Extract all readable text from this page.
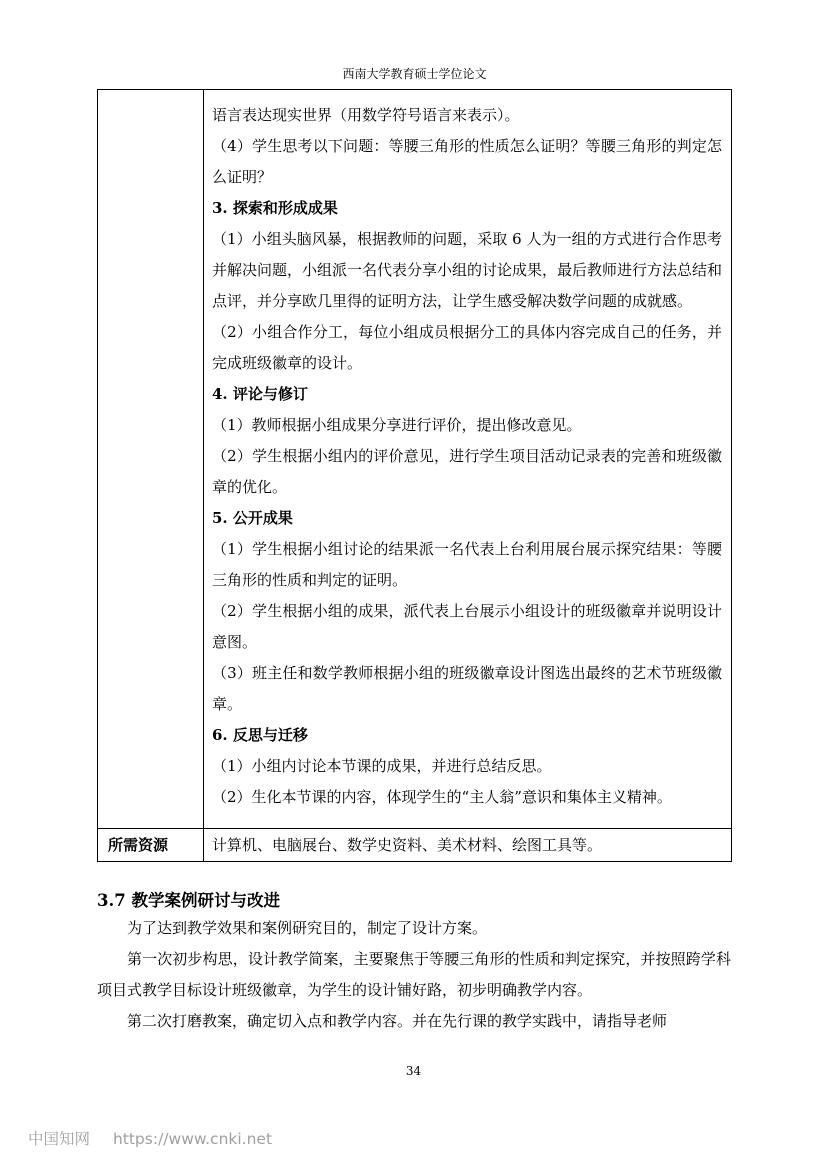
西南大学教育硕士学位论文

语言表达现实世界（用数学符号语言来表示）。

（4）学生思考以下问题：等腰三角形的性质怎么证明？等腰三角形的判定怎么证明？

3. 探索和形成成果

（1）小组头脑风暴，根据教师的问题，采取 6 人为一组的方式进行合作思考并解决问题，小组派一名代表分享小组的讨论成果，最后教师进行方法总结和点评，并分享欧几里得的证明方法，让学生感受解决数学问题的成就感。

（2）小组合作分工，每位小组成员根据分工的具体内容完成自己的任务，并完成班级徽章的设计。

4. 评论与修订

（1）教师根据小组成果分享进行评价，提出修改意见。

（2）学生根据小组内的评价意见，进行学生项目活动记录表的完善和班级徽章的优化。

5. 公开成果

（1）学生根据小组讨论的结果派一名代表上台利用展台展示探究结果：等腰三角形的性质和判定的证明。

（2）学生根据小组的成果，派代表上台展示小组设计的班级徽章并说明设计意图。

（3）班主任和数学教师根据小组的班级徽章设计图选出最终的艺术节班级徽章。

6. 反思与迁移

（1）小组内讨论本节课的成果，并进行总结反思。

（2）生化本节课的内容，体现学生的“主人翁”意识和集体主义精神。

所需资源	计算机、电脑展台、数学史资料、美术材料、绘图工具等。
3.7 教学案例研讨与改进

为了达到教学效果和案例研究目的，制定了设计方案。

第一次初步构思，设计教学简案，主要聚焦于等腰三角形的性质和判定探究，并按照跨学科项目式教学目标设计班级徽章，为学生的设计铺好路，初步明确教学内容。

第二次打磨教案，确定切入点和教学内容。并在先行课的教学实践中，请指导老师

34
中国知网 https://www.cnki.net
